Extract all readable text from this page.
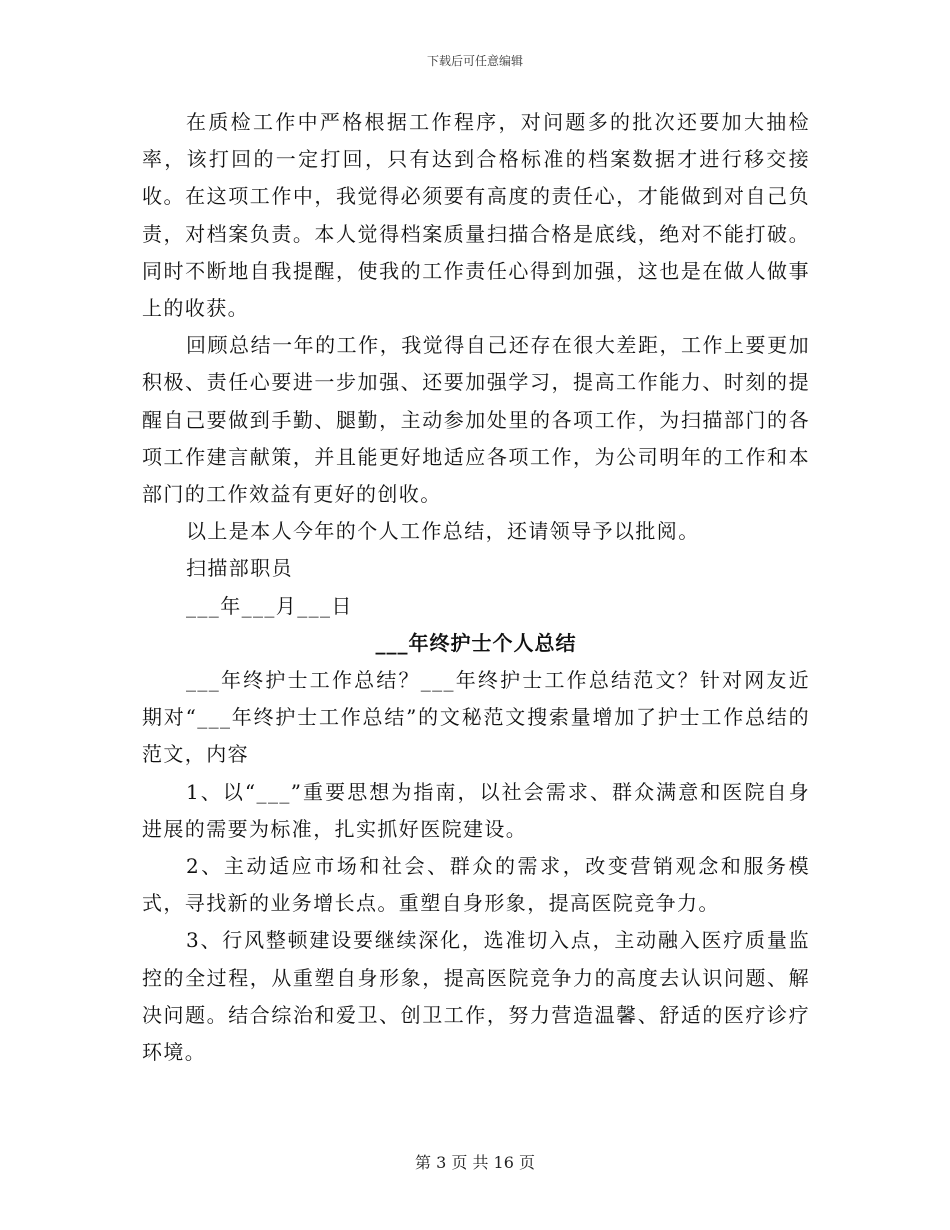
下载后可任意编辑

在质检工作中严格根据工作程序，对问题多的批次还要加大抽检率，该打回的一定打回，只有达到合格标准的档案数据才进行移交接收。在这项工作中，我觉得必须要有高度的责任心，才能做到对自己负责，对档案负责。本人觉得档案质量扫描合格是底线，绝对不能打破。同时不断地自我提醒，使我的工作责任心得到加强，这也是在做人做事上的收获。

回顾总结一年的工作，我觉得自己还存在很大差距，工作上要更加积极、责任心要进一步加强、还要加强学习，提高工作能力、时刻的提醒自己要做到手勤、腿勤，主动参加处里的各项工作，为扫描部门的各项工作建言献策，并且能更好地适应各项工作，为公司明年的工作和本部门的工作效益有更好的创收。

以上是本人今年的个人工作总结，还请领导予以批阅。

扫描部职员

___年___月___日

___年终护士个人总结

___年终护士工作总结？___年终护士工作总结范文？针对网友近期对“___年终护士工作总结”的文秘范文搜索量增加了护士工作总结的范文，内容

1、以“___”重要思想为指南，以社会需求、群众满意和医院自身进展的需要为标准，扎实抓好医院建设。

2、主动适应市场和社会、群众的需求，改变营销观念和服务模式，寻找新的业务增长点。重塑自身形象，提高医院竞争力。

3、行风整顿建设要继续深化，选准切入点，主动融入医疗质量监控的全过程，从重塑自身形象，提高医院竞争力的高度去认识问题、解决问题。结合综治和爱卫、创卫工作，努力营造温馨、舒适的医疗诊疗环境。

第 3 页 共 16 页
